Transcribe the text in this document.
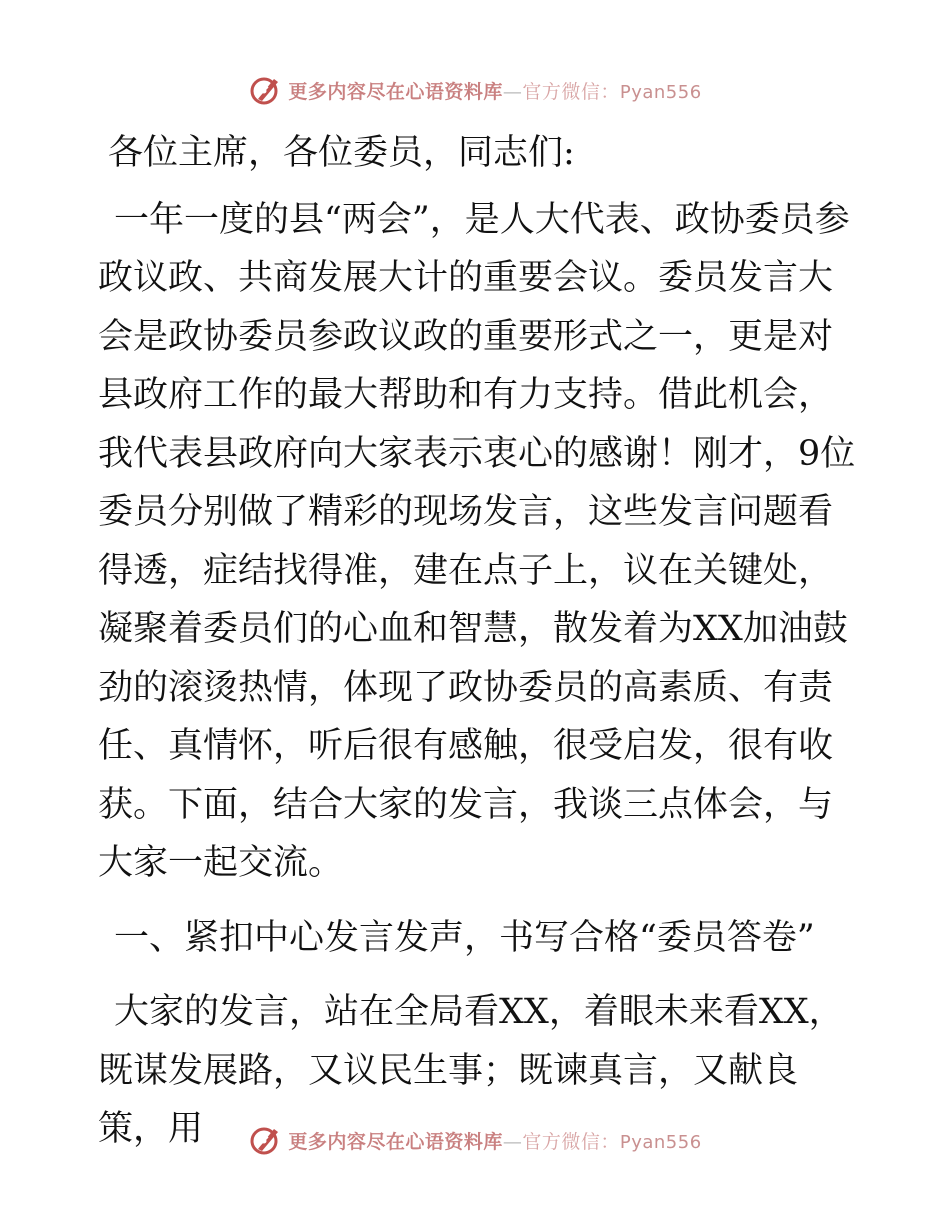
更多内容尽在心语资料库—官方微信：Pyan556

各位主席，各位委员，同志们:

一年一度的县“两会”，是人大代表、政协委员参政议政、共商发展大计的重要会议。委员发言大会是政协委员参政议政的重要形式之一，更是对县政府工作的最大帮助和有力支持。借此机会，我代表县政府向大家表示衷心的感谢！刚才，9位委员分别做了精彩的现场发言，这些发言问题看得透，症结找得准，建在点子上，议在关键处，凝聚着委员们的心血和智慧，散发着为XX加油鼓劲的滚烫热情，体现了政协委员的高素质、有责任、真情怀，听后很有感触，很受启发，很有收获。下面，结合大家的发言，我谈三点体会，与大家一起交流。

一、紧扣中心发言发声，书写合格“委员答卷”

大家的发言，站在全局看XX，着眼未来看XX，既谋发展路，又议民生事；既谏真言，又献良策，用	更多内容尽在心语资料库—官方微信：Pyan556
